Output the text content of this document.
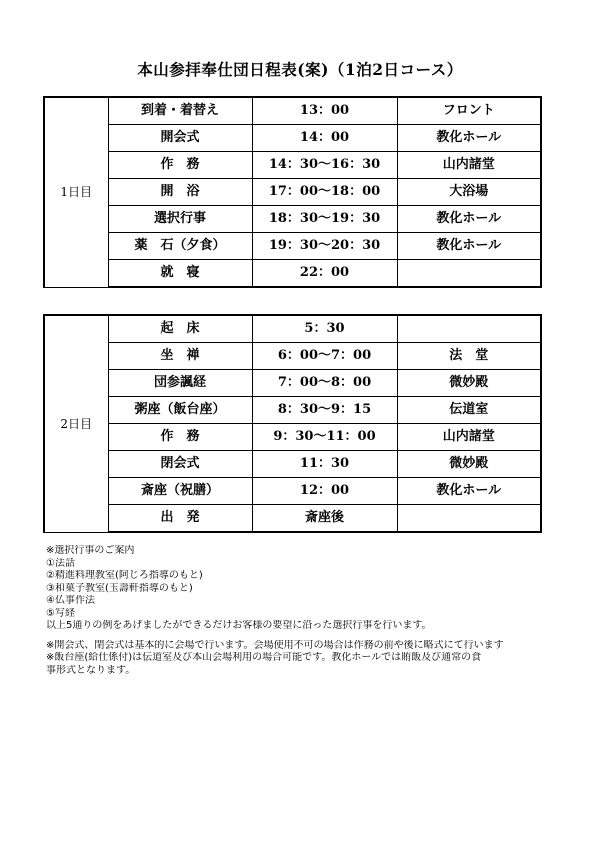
本山参拝奉仕団日程表(案)（1泊2日コース）
1日目	到着・着替え	13：00	フロント
	開会式	14：00	教化ホール
	作　務	14：30～16：30	山内諸堂
	開　浴	17：00～18：00	大浴場
	選択行事	18：30～19：30	教化ホール
	薬　石（夕食）	19：30～20：30	教化ホール
	就　寝	22：00	
2日目	起　床	5：30	
	坐　禅	6：00～7：00	法　堂
	団参諷経	7：00～8：00	微妙殿
	粥座（飯台座）	8：30～9：15	伝道室
	作　務	9：30～11：00	山内諸堂
	閉会式	11：30	微妙殿
	斎座（祝膳）	12：00	教化ホール
	出　発	斎座後	
※選択行事のご案内
①法話
②精進料理教室(阿じろ指導のもと)
③和菓子教室(玉壽軒指導のもと)
④仏事作法
⑤写経
以上5通りの例をあげましたができるだけお客様の要望に沿った選択行事を行います。
※開会式、閉会式は基本的に会場で行います。会場使用不可の場合は作務の前や後に略式にて行います
※飯台座(給仕係付)は伝道室及び本山会場利用の場合可能です。教化ホールでは賄飯及び通常の食
事形式となります。
